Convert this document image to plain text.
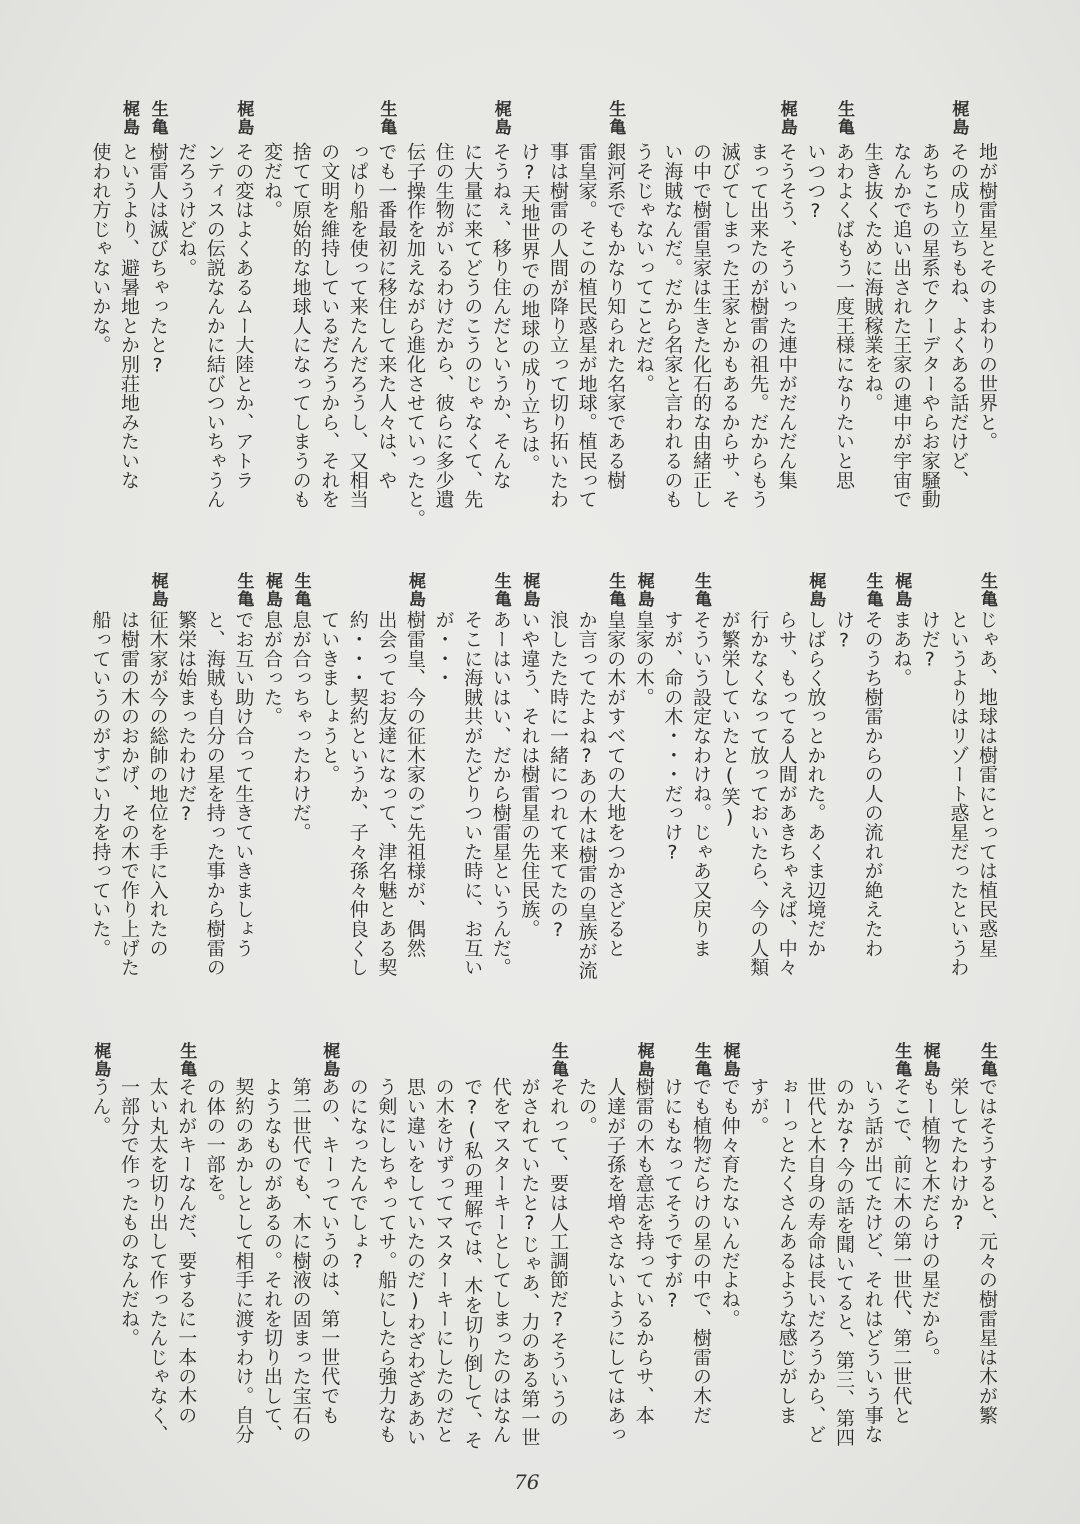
地が樹雷星とそのまわりの世界と。
梶島
その成り立ちもね、よくある話だけど、
あちこちの星系でクーデターやらお家騒動
なんかで追い出された王家の連中が宇宙で
生き抜くために海賊稼業をね。
生亀
あわよくばもう一度王様になりたいと思
いつつ?
梶島
そうそう、そういった連中がだんだん集
まって出来たのが樹雷の祖先。だからもう
滅びてしまった王家とかもあるからサ、そ
の中で樹雷皇家は生きた化石的な由緒正し
い海賊なんだ。だから名家と言われるのも
うそじゃないってことだね。
生亀
銀河系でもかなり知られた名家である樹
雷皇家。そこの植民惑星が地球。植民って
事は樹雷の人間が降り立って切り拓いたわ
け?天地世界での地球の成り立ちは。
梶島
そうねぇ、移り住んだというか、そんな
に大量に来てどうのこうのじゃなくて、先
住の生物がいるわけだから、彼らに多少遺
伝子操作を加えながら進化させていったと。
生亀
でも一番最初に移住して来た人々は、や
っぱり船を使って来たんだろうし、又相当
の文明を維持しているだろうから、それを
捨てて原始的な地球人になってしまうのも
変だね。
梶島
その変はよくあるムー大陸とか、アトラ
ンティスの伝説なんかに結びついちゃうん
だろうけどね。
生亀
樹雷人は滅びちゃったと?
梶島
というより、避暑地とか別荘地みたいな
使われ方じゃないかな。
生亀
じゃあ、地球は樹雷にとっては植民惑星
というよりはリゾート惑星だったというわ
けだ?
梶島
まあね。
生亀
そのうち樹雷からの人の流れが絶えたわ
け?
梶島
しばらく放っとかれた。あくま辺境だか
らサ、もってる人間があきちゃえば、中々
行かなくなって放っておいたら、今の人類
が繁栄していたと(笑)
生亀
そういう設定なわけね。じゃあ又戻りま
すが、命の木・・・だっけ?
梶島
皇家の木。
生亀
皇家の木がすべての大地をつかさどると
か言ってたよね?あの木は樹雷の皇族が流
浪したた時に一緒につれて来てたの?
梶島
いや違う、それは樹雷星の先住民族。
生亀
あーはいはい、だから樹雷星というんだ。
そこに海賊共がたどりついた時に、お互い
が・・・
梶島
樹雷皇、今の征木家のご先祖様が、偶然
出会ってお友達になって、津名魅とある契
約・・・契約というか、子々孫々仲良くし
ていきましょうと。
生亀
息が合っちゃったわけだ。
梶島
息が合った。
生亀
でお互い助け合って生きていきましょう
と、海賊も自分の星を持った事から樹雷の
繁栄は始まったわけだ?
梶島
征木家が今の総帥の地位を手に入れたの
は樹雷の木のおかげ、その木で作り上げた
船っていうのがすごい力を持っていた。
生亀
ではそうすると、元々の樹雷星は木が繁
栄してたわけか?
梶島
もー植物と木だらけの星だから。
生亀
そこで、前に木の第一世代、第二世代と
いう話が出てたけど、それはどういう事な
のかな?今の話を聞いてると、第三、第四
世代と木自身の寿命は長いだろうから、ど
ぉーっとたくさんあるような感じがしま
すが。
梶島
でも仲々育たないんだよね。
生亀
でも植物だらけの星の中で、樹雷の木だ
けにもなってそうですが?
梶島
樹雷の木も意志を持っているからサ、本
人達が子孫を増やさないようにしてはあっ
たの。
生亀
それって、要は人工調節だ?そういうの
がされていたと?じゃあ、力のある第一世
代をマスターキーとしてしまったのはなん
で?(私の理解では、木を切り倒して、そ
の木をけずってマスターキーにしたのだと
思い違いをしていたのだ)わざわざああい
う剣にしちゃってサ。船にしたら強力なも
のになったんでしょ?
梶島
あの、キーっていうのは、第一世代でも
第二世代でも、木に樹液の固まった宝石の
ようなものがあるの。それを切り出して、
契約のあかしとして相手に渡すわけ。自分
の体の一部を。
生亀
それがキーなんだ、要するに一本の木の
太い丸太を切り出して作ったんじゃなく、
一部分で作ったものなんだね。
梶島
うん。
76
